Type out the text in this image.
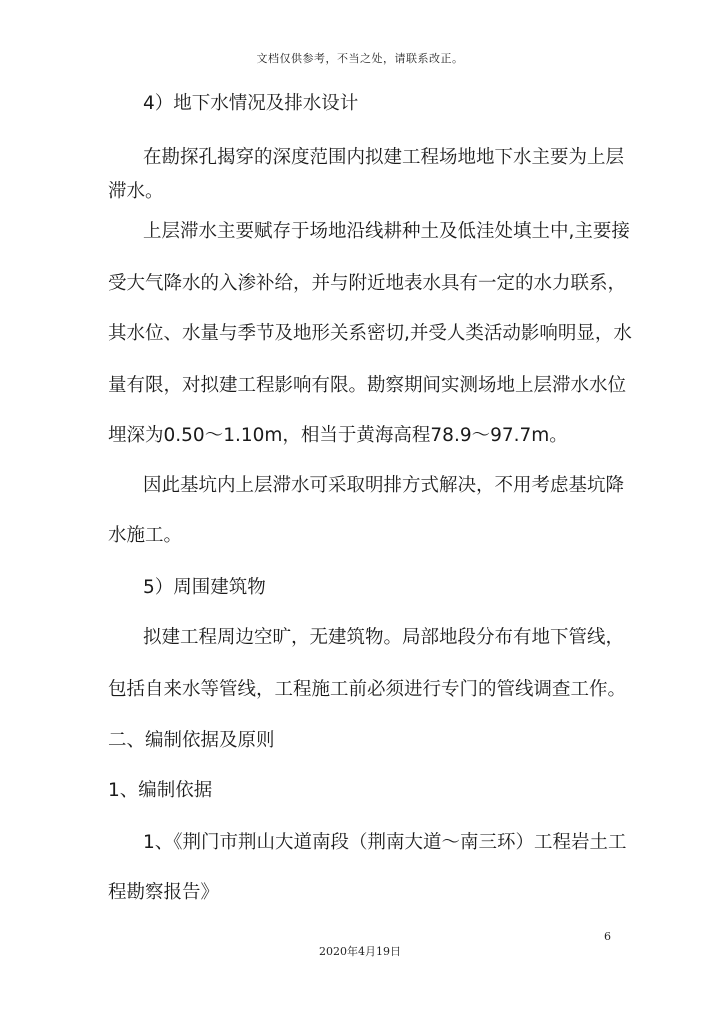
文档仅供参考，不当之处，请联系改正。
4）地下水情况及排水设计
在勘探孔揭穿的深度范围内拟建工程场地地下水主要为上层
滞水。
上层滞水主要赋存于场地沿线耕种土及低洼处填土中,主要接
受大气降水的入渗补给，并与附近地表水具有一定的水力联系，
其水位、水量与季节及地形关系密切,并受人类活动影响明显，水
量有限，对拟建工程影响有限。勘察期间实测场地上层滞水水位
埋深为0.50～1.10m，相当于黄海高程78.9～97.7m。
因此基坑内上层滞水可采取明排方式解决，不用考虑基坑降
水施工。
5）周围建筑物
拟建工程周边空旷，无建筑物。局部地段分布有地下管线，
包括自来水等管线，工程施工前必须进行专门的管线调查工作。
二、编制依据及原则
1、编制依据
1、《荆门市荆山大道南段（荆南大道～南三环）工程岩土工
程勘察报告》
6
2020年4月19日
